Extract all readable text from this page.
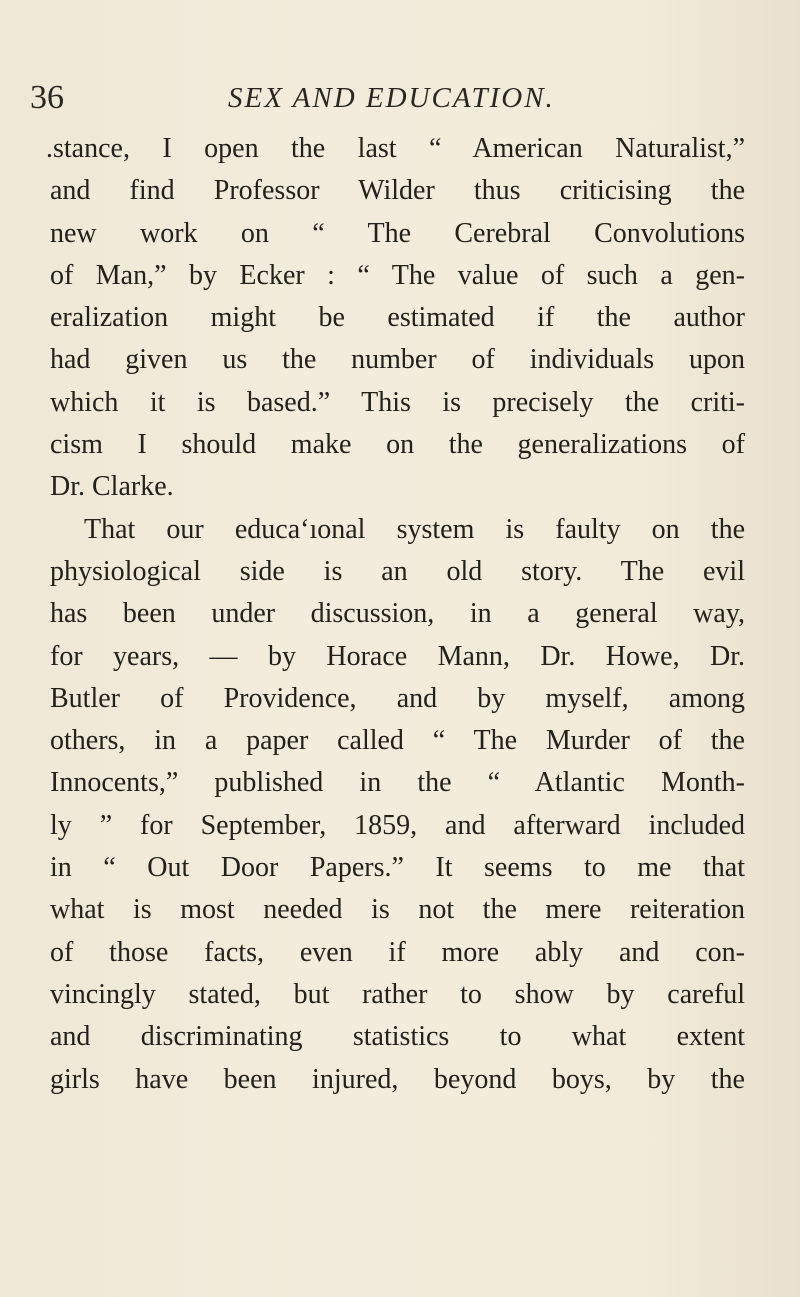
36	SEX AND EDUCATION.
.stance, I open the last “ American Naturalist,”
and find Professor Wilder thus criticising the
new work on “ The Cerebral Convolutions
of Man,” by Ecker : “ The value of such a gen-
eralization might be estimated if the author
had given us the number of individuals upon
which it is based.” This is precisely the criti-
cism I should make on the generalizations of
Dr. Clarke.
That our educa‘ıonal system is faulty on the
physiological side is an old story. The evil
has been under discussion, in a general way,
for years, — by Horace Mann, Dr. Howe, Dr.
Butler of Providence, and by myself, among
others, in a paper called “ The Murder of the
Innocents,” published in the “ Atlantic Month-
ly ” for September, 1859, and afterward included
in “ Out Door Papers.” It seems to me that
what is most needed is not the mere reiteration
of those facts, even if more ably and con-
vincingly stated, but rather to show by careful
and discriminating statistics to what extent
girls have been injured, beyond boys, by the
